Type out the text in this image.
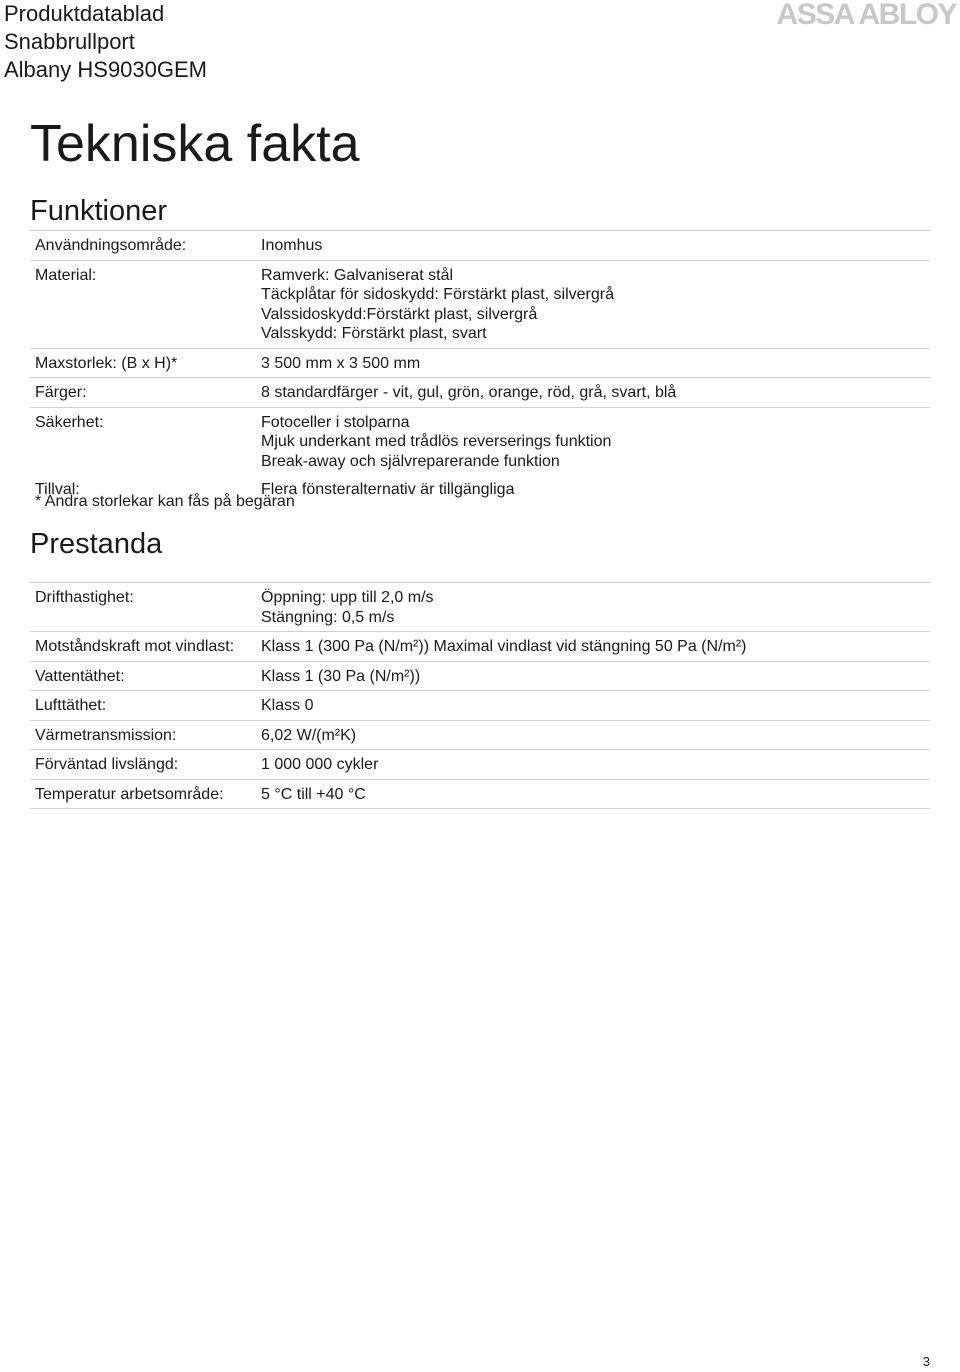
Produktdatablad
Snabbrullport
Albany HS9030GEM
ASSA ABLOY
Tekniska fakta
Funktioner
Användningsområde:	Inomhus
Material:	Ramverk: Galvaniserat stål
Täckplåtar för sidoskydd: Förstärkt plast, silvergrå
Valssidoskydd:Förstärkt plast, silvergrå
Valsskydd: Förstärkt plast, svart
Maxstorlek: (B x H)*	3 500 mm x 3 500 mm
Färger:	8 standardfärger - vit, gul, grön, orange, röd, grå, svart, blå
Säkerhet:	Fotoceller i stolparna
Mjuk underkant med trådlös reverserings funktion
Break-away och självreparerande funktion
Tillval:	Flera fönsteralternativ är tillgängliga
* Andra storlekar kan fås på begäran
Prestanda
Drifthastighet:	Öppning: upp till 2,0 m/s
Stängning: 0,5 m/s
Motståndskraft mot vindlast:	Klass 1 (300 Pa (N/m²)) Maximal vindlast vid stängning 50 Pa (N/m²)
Vattentäthet:	Klass 1 (30 Pa (N/m²))
Lufttäthet:	Klass 0
Värmetransmission:	6,02 W/(m²K)
Förväntad livslängd:	1 000 000 cykler
Temperatur arbetsområde:	5 °C till +40 °C
3
